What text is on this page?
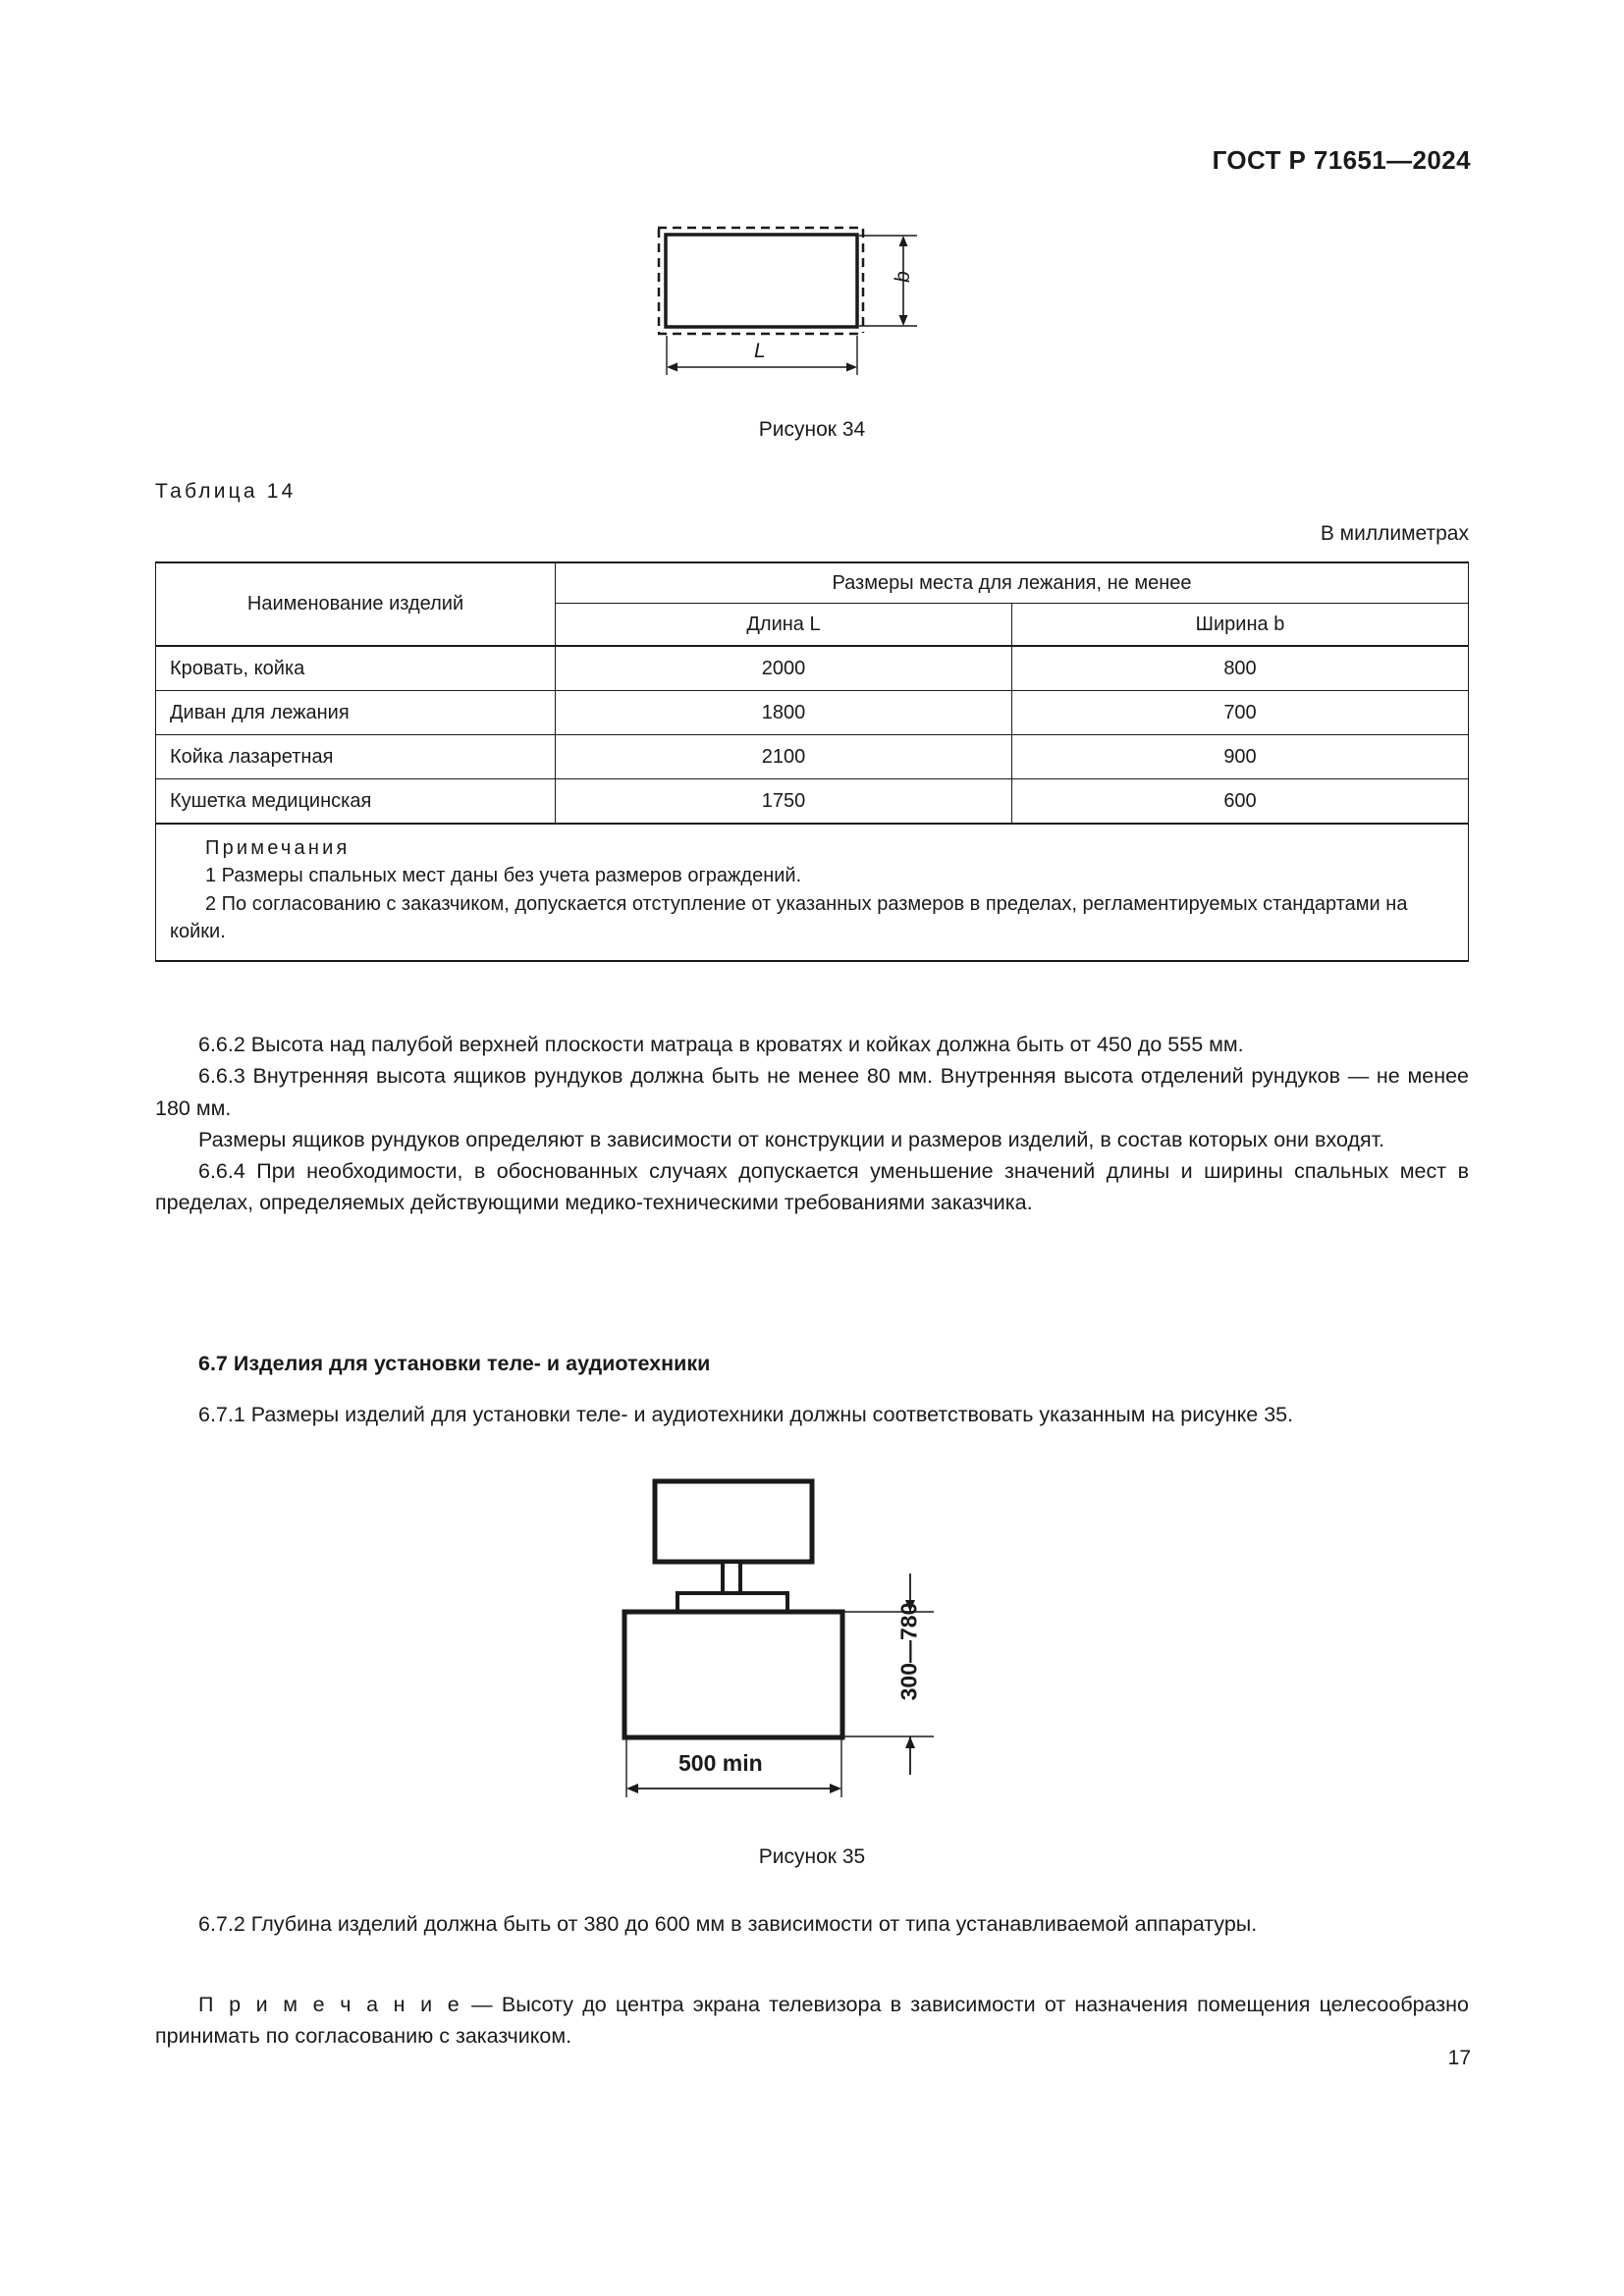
ГОСТ Р 71651—2024
b
L
Рисунок 34
Таблица 14
В миллиметрах
Наименование изделий	Размеры места для лежания, не менее	
	Длина L	Ширина b
Кровать, койка	2000	800
Диван для лежания	1800	700
Койка лазаретная	2100	900
Кушетка медицинская	1750	600

Примечания
1 Размеры спальных мест даны без учета размеров ограждений.
2 По согласованию с заказчиком, допускается отступление от указанных размеров в пределах, регламентируемых стандартами на койки.		

6.6.2 Высота над палубой верхней плоскости матраца в кроватях и койках должна быть от 450 до 555 мм.

6.6.3 Внутренняя высота ящиков рундуков должна быть не менее 80 мм. Внутренняя высота отделений рундуков — не менее 180 мм.

Размеры ящиков рундуков определяют в зависимости от конструкции и размеров изделий, в состав которых они входят.

6.6.4 При необходимости, в обоснованных случаях допускается уменьшение значений длины и ширины спальных мест в пределах, определяемых действующими медико-техническими требованиями заказчика.

6.7 Изделия для установки теле- и аудиотехники

6.7.1 Размеры изделий для установки теле- и аудиотехники должны соответствовать указанным на рисунке 35.

300—780
500 min
Рисунок 35

6.7.2 Глубина изделий должна быть от 380 до 600 мм в зависимости от типа устанавливаемой аппаратуры.

П р и м е ч а н и е — Высоту до центра экрана телевизора в зависимости от назначения помещения целесообразно принимать по согласованию с заказчиком.

17
